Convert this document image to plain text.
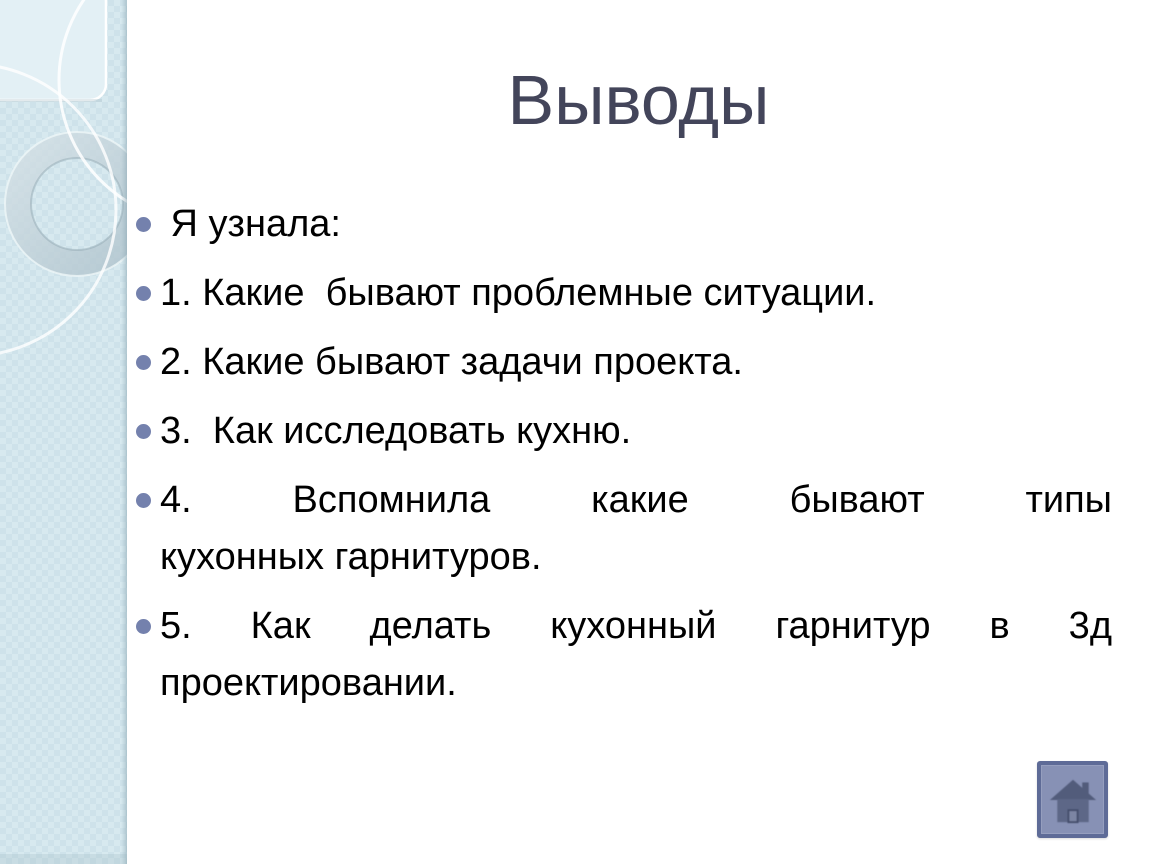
Выводы
Я узнала:
1. Какие  бывают проблемные ситуации.
2. Какие бывают задачи проекта.
3.  Как исследовать кухню.
4. Вспомнила какие бывают типы
кухонных гарнитуров.
5. Как делать кухонный гарнитур в 3д
проектировании.
